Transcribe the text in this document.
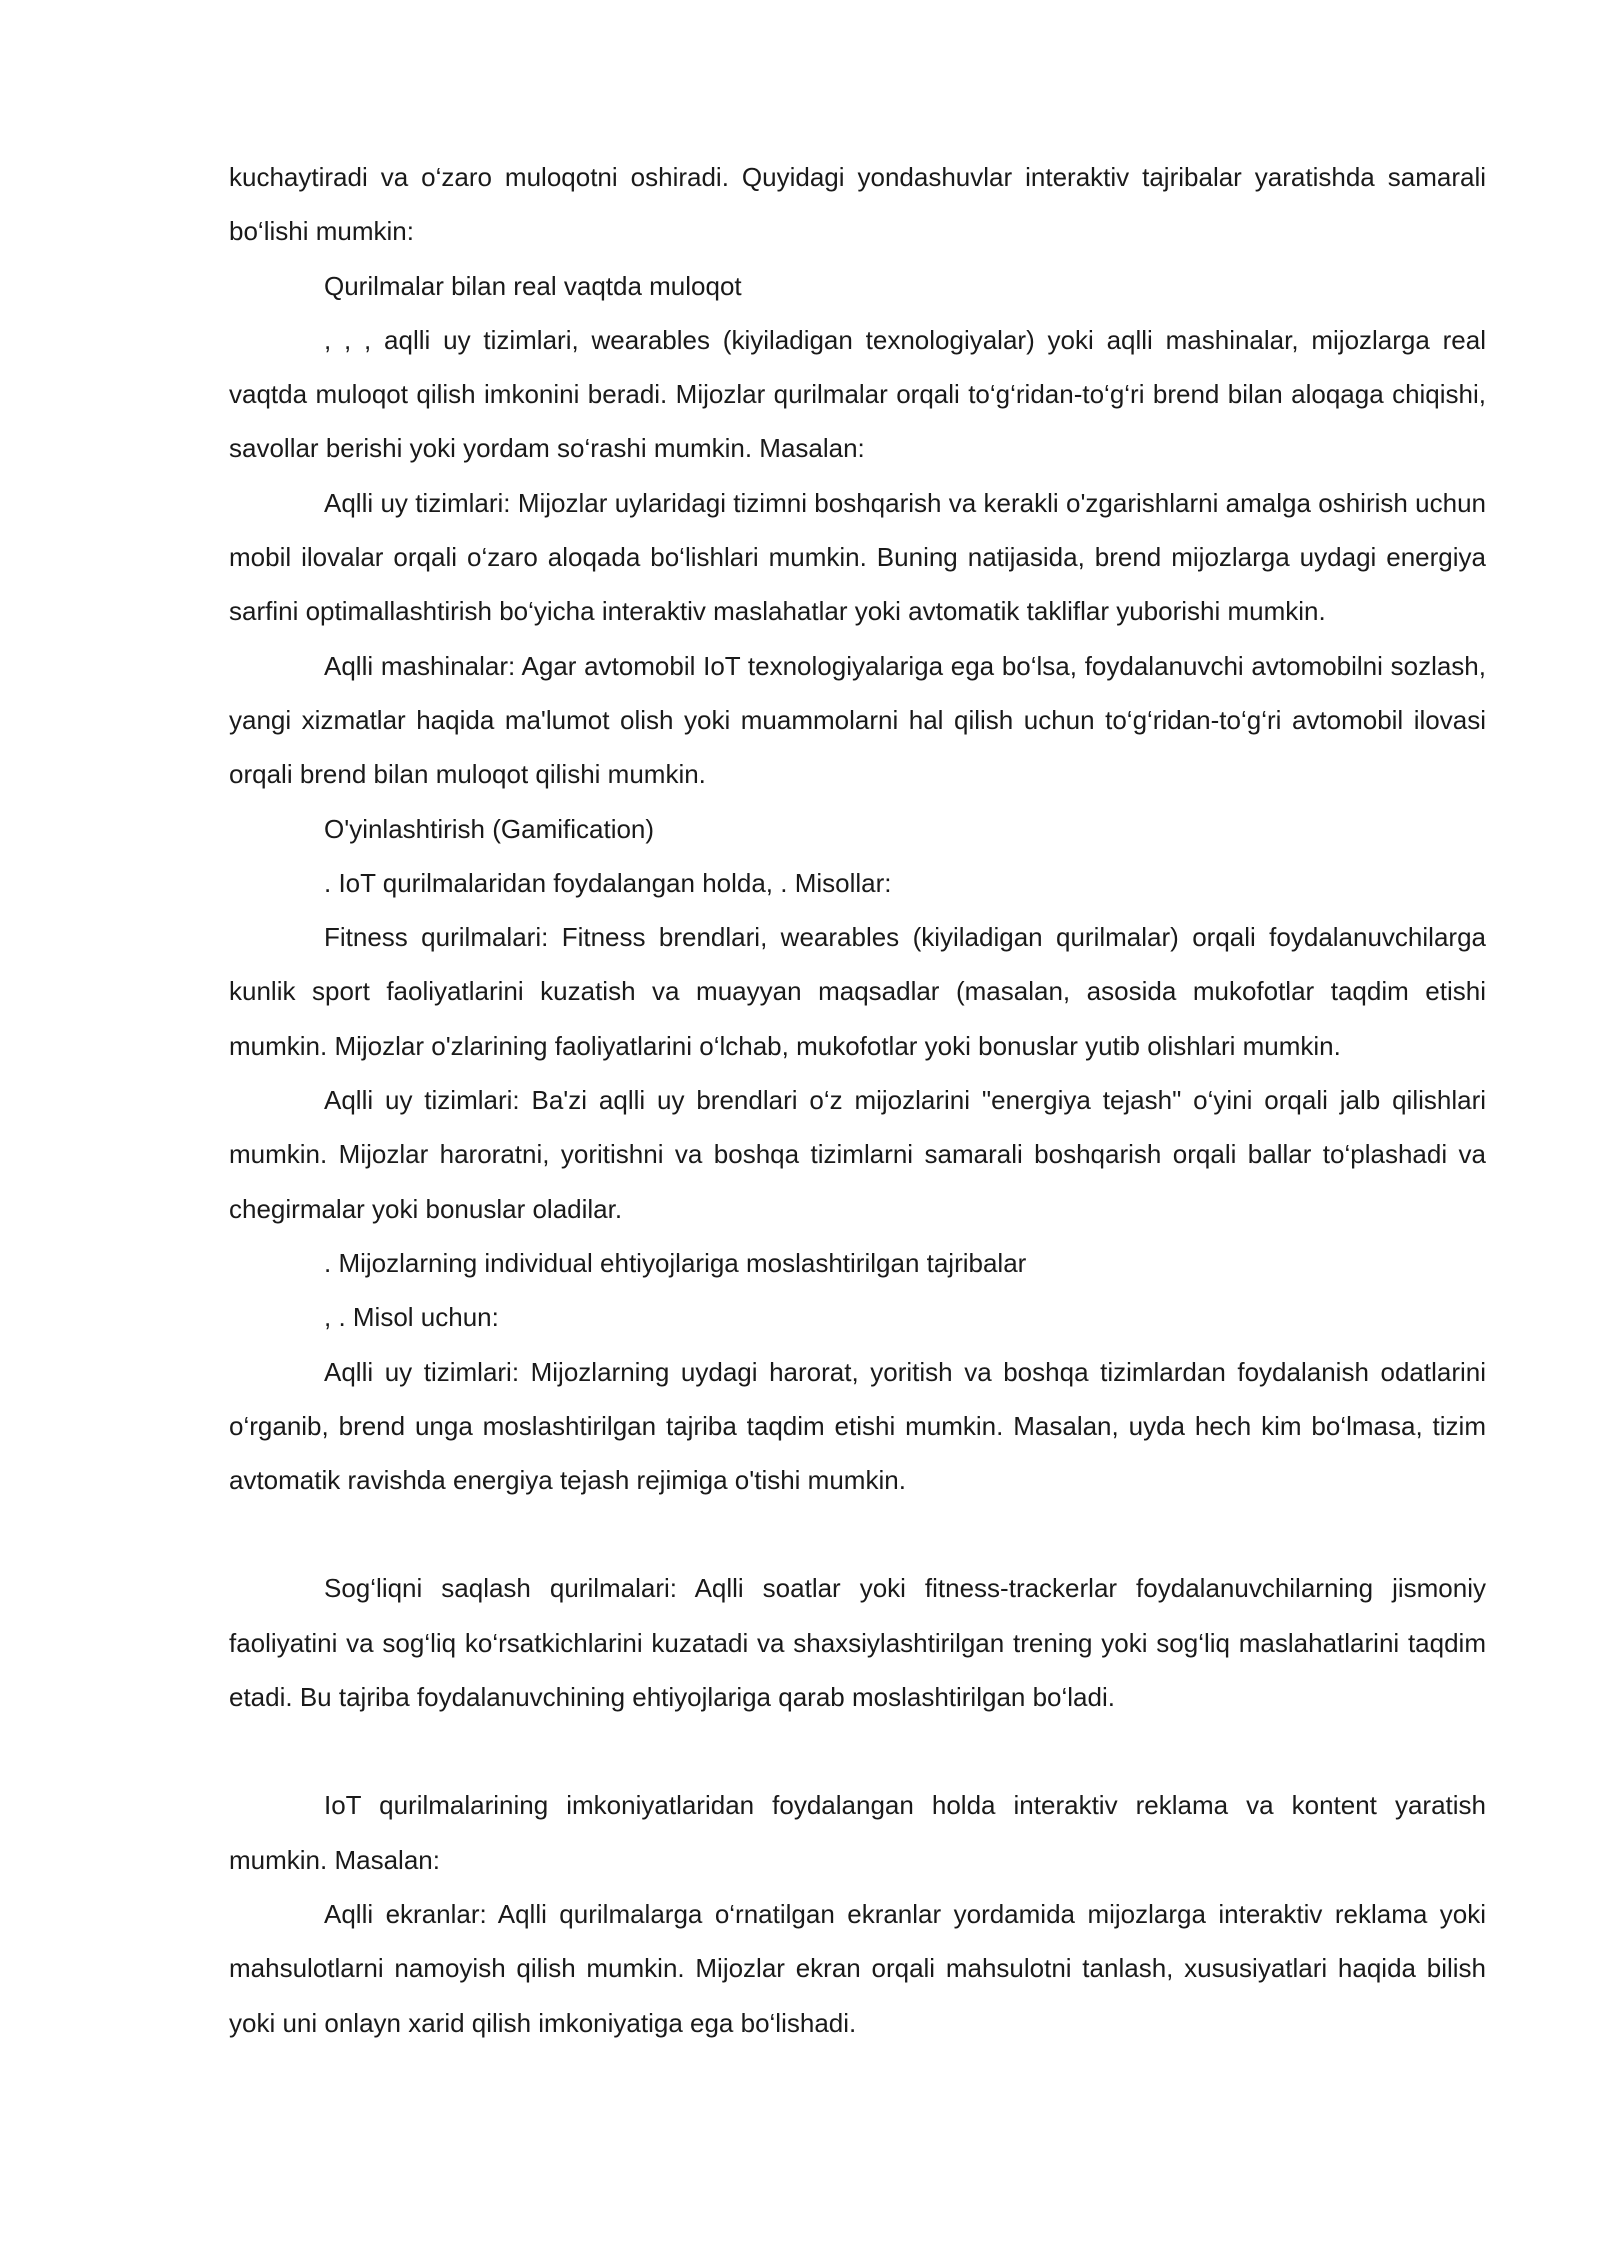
kuchaytiradi va o‘zaro muloqotni oshiradi. Quyidagi yondashuvlar interaktiv tajribalar yaratishda samarali bo‘lishi mumkin:

Qurilmalar bilan real vaqtda muloqot

, , , aqlli uy tizimlari, wearables (kiyiladigan texnologiyalar) yoki aqlli mashinalar, mijozlarga real vaqtda muloqot qilish imkonini beradi. Mijozlar qurilmalar orqali to‘g‘ridan-to‘g‘ri brend bilan aloqaga chiqishi, savollar berishi yoki yordam so‘rashi mumkin. Masalan:

Aqlli uy tizimlari: Mijozlar uylaridagi tizimni boshqarish va kerakli o'zgarishlarni amalga oshirish uchun mobil ilovalar orqali o‘zaro aloqada bo‘lishlari mumkin. Buning natijasida, brend mijozlarga uydagi energiya sarfini optimallashtirish bo‘yicha interaktiv maslahatlar yoki avtomatik takliflar yuborishi mumkin.

Aqlli mashinalar: Agar avtomobil IoT texnologiyalariga ega bo‘lsa, foydalanuvchi avtomobilni sozlash, yangi xizmatlar haqida ma'lumot olish yoki muammolarni hal qilish uchun to‘g‘ridan-to‘g‘ri avtomobil ilovasi orqali brend bilan muloqot qilishi mumkin.

O'yinlashtirish (Gamification)

. IoT qurilmalaridan foydalangan holda, . Misollar:

Fitness qurilmalari: Fitness brendlari, wearables (kiyiladigan qurilmalar) orqali foydalanuvchilarga kunlik sport faoliyatlarini kuzatish va muayyan maqsadlar (masalan, asosida mukofotlar taqdim etishi mumkin. Mijozlar o'zlarining faoliyatlarini o‘lchab, mukofotlar yoki bonuslar yutib olishlari mumkin.

Aqlli uy tizimlari: Ba'zi aqlli uy brendlari o‘z mijozlarini "energiya tejash" o‘yini orqali jalb qilishlari mumkin. Mijozlar haroratni, yoritishni va boshqa tizimlarni samarali boshqarish orqali ballar to‘plashadi va chegirmalar yoki bonuslar oladilar.

. Mijozlarning individual ehtiyojlariga moslashtirilgan tajribalar

, . Misol uchun:

Aqlli uy tizimlari: Mijozlarning uydagi harorat, yoritish va boshqa tizimlardan foydalanish odatlarini o‘rganib, brend unga moslashtirilgan tajriba taqdim etishi mumkin. Masalan, uyda hech kim bo‘lmasa, tizim avtomatik ravishda energiya tejash rejimiga o'tishi mumkin.

Sog‘liqni saqlash qurilmalari: Aqlli soatlar yoki fitness-trackerlar foydalanuvchilarning jismoniy faoliyatini va sog‘liq ko‘rsatkichlarini kuzatadi va shaxsiylashtirilgan trening yoki sog‘liq maslahatlarini taqdim etadi. Bu tajriba foydalanuvchining ehtiyojlariga qarab moslashtirilgan bo‘ladi.

IoT qurilmalarining imkoniyatlaridan foydalangan holda interaktiv reklama va kontent yaratish mumkin. Masalan:

Aqlli ekranlar: Aqlli qurilmalarga o‘rnatilgan ekranlar yordamida mijozlarga interaktiv reklama yoki mahsulotlarni namoyish qilish mumkin. Mijozlar ekran orqali mahsulotni tanlash, xususiyatlari haqida bilish yoki uni onlayn xarid qilish imkoniyatiga ega bo‘lishadi.
